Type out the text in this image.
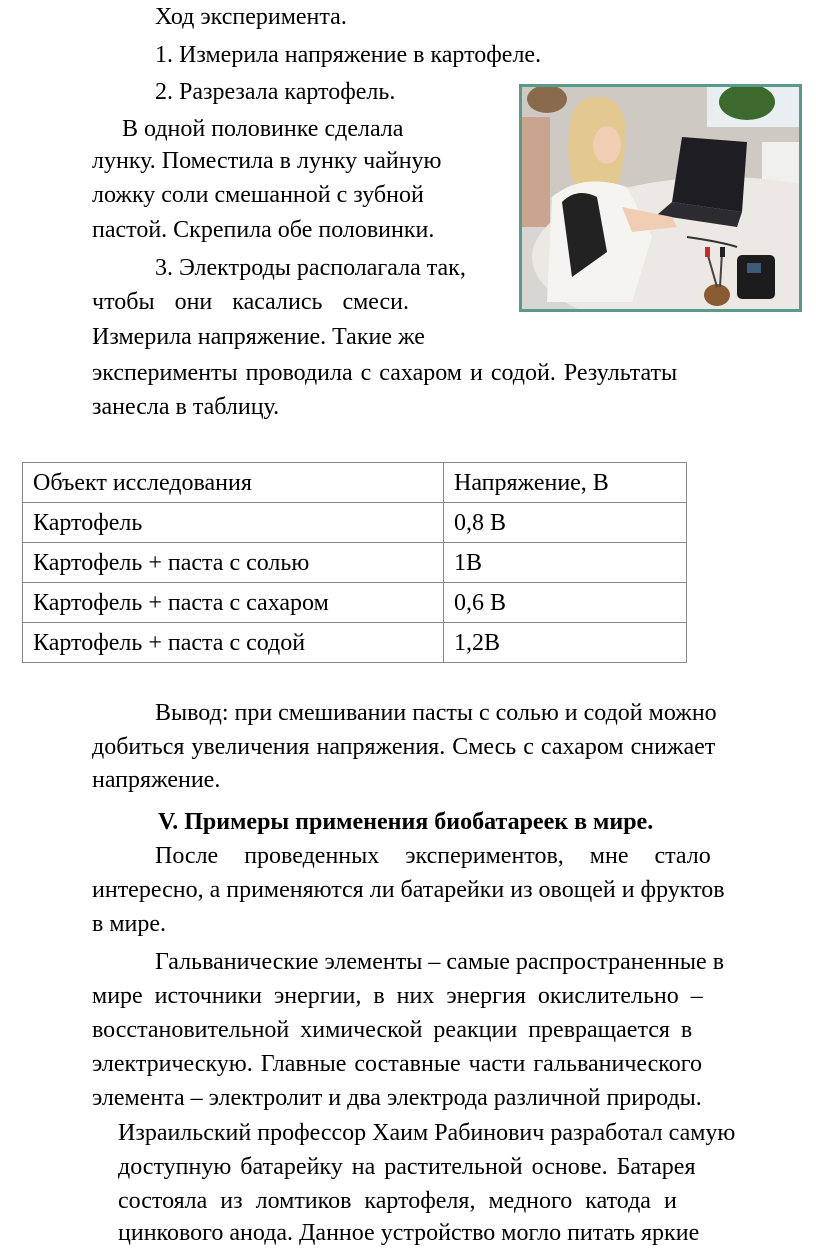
Ход эксперимента.
1. Измерила напряжение в картофеле.
2. Разрезала картофель.
В одной половинке сделала
лунку. Поместила в лунку чайную
ложку соли смешанной с зубной
пастой. Скрепила обе половинки.
3. Электроды располагала так,
чтобы они касались смеси.
Измерила напряжение. Такие же
эксперименты проводила с сахаром и содой. Результаты
занесла в таблицу.
Объект исследования	Напряжение, В
Картофель	0,8 В
Картофель + паста с солью	1В
Картофель + паста с сахаром	0,6 В
Картофель + паста с содой	1,2В
Вывод: при смешивании пасты с солью и содой можно
добиться увеличения напряжения. Смесь с сахаром снижает
напряжение.
V. Примеры применения биобатареек в мире.
После проведенных экспериментов, мне стало
интересно, а применяются ли батарейки из овощей и фруктов
в мире.
Гальванические элементы – самые распространенные в
мире источники энергии, в них энергия окислительно –
восстановительной химической реакции превращается в
электрическую. Главные составные части гальванического
элемента – электролит и два электрода различной природы.
Израильский профессор Хаим Рабинович разработал самую
доступную батарейку на растительной основе. Батарея
состояла из ломтиков картофеля, медного катода и
цинкового анода. Данное устройство могло питать яркие
